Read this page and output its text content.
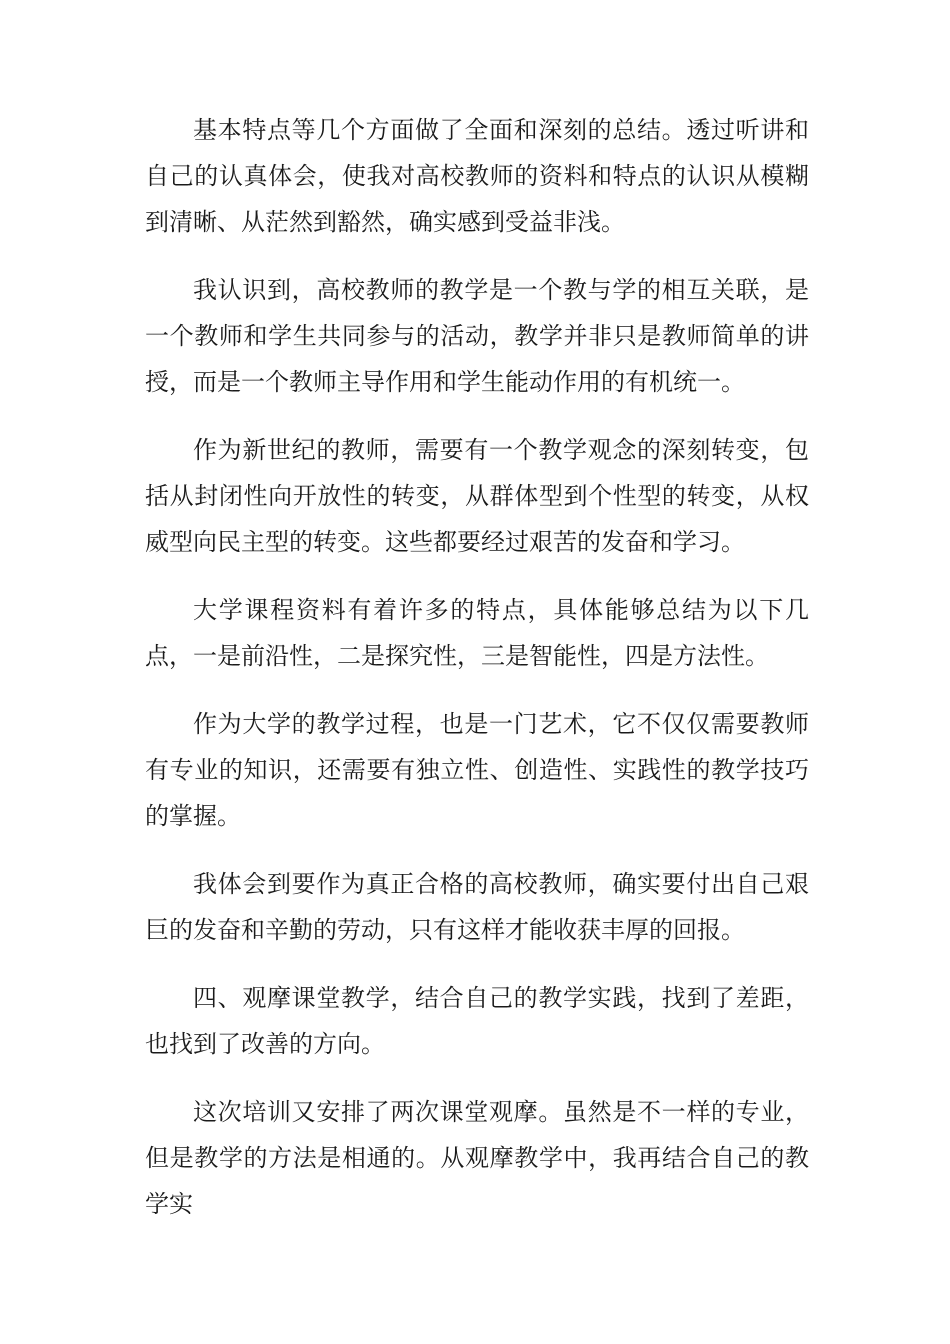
基本特点等几个方面做了全面和深刻的总结。透过听讲和自己的认真体会，使我对高校教师的资料和特点的认识从模糊到清晰、从茫然到豁然，确实感到受益非浅。

我认识到，高校教师的教学是一个教与学的相互关联，是一个教师和学生共同参与的活动，教学并非只是教师简单的讲授，而是一个教师主导作用和学生能动作用的有机统一。

作为新世纪的教师，需要有一个教学观念的深刻转变，包括从封闭性向开放性的转变，从群体型到个性型的转变，从权威型向民主型的转变。这些都要经过艰苦的发奋和学习。

大学课程资料有着许多的特点，具体能够总结为以下几点，一是前沿性，二是探究性，三是智能性，四是方法性。

作为大学的教学过程，也是一门艺术，它不仅仅需要教师有专业的知识，还需要有独立性、创造性、实践性的教学技巧的掌握。

我体会到要作为真正合格的高校教师，确实要付出自己艰巨的发奋和辛勤的劳动，只有这样才能收获丰厚的回报。

四、观摩课堂教学，结合自己的教学实践，找到了差距，也找到了改善的方向。

这次培训又安排了两次课堂观摩。虽然是不一样的专业，但是教学的方法是相通的。从观摩教学中，我再结合自己的教学实
